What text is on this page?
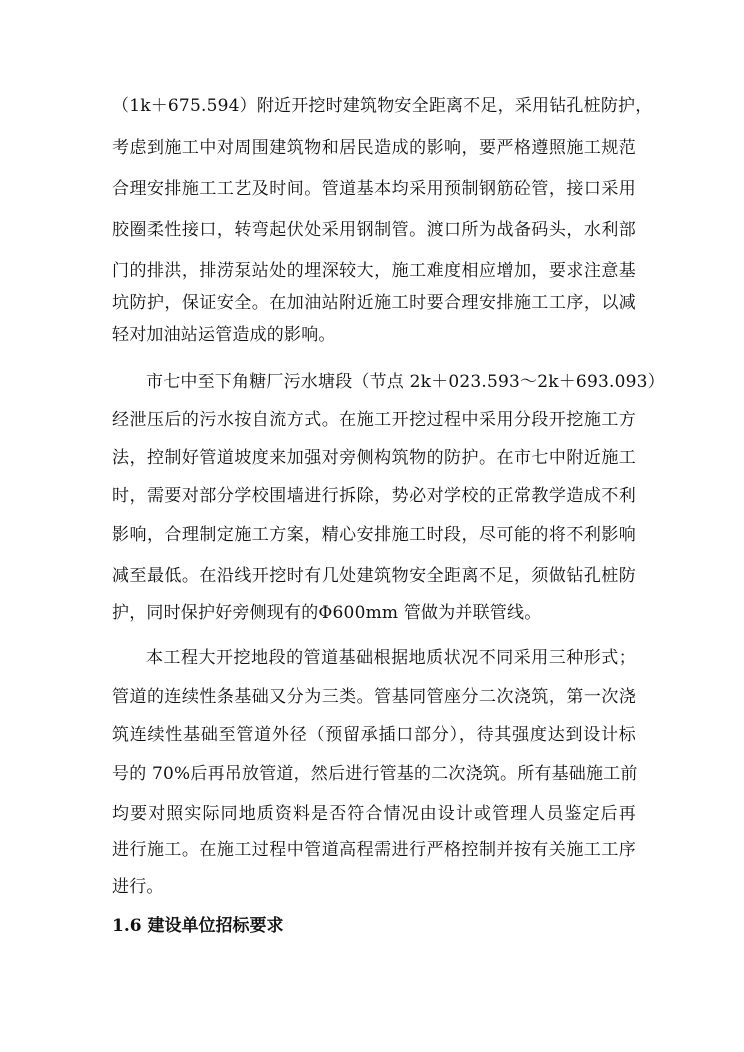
（1k＋675.594）附近开挖时建筑物安全距离不足，采用钻孔桩防护，
考虑到施工中对周围建筑物和居民造成的影响，要严格遵照施工规范
合理安排施工工艺及时间。管道基本均采用预制钢筋砼管，接口采用
胶圈柔性接口，转弯起伏处采用钢制管。渡口所为战备码头，水利部
门的排洪，排涝泵站处的埋深较大，施工难度相应增加，要求注意基
坑防护，保证安全。在加油站附近施工时要合理安排施工工序，以减
轻对加油站运管造成的影响。
市七中至下角糖厂污水塘段（节点 2k＋023.593～2k＋693.093）
经泄压后的污水按自流方式。在施工开挖过程中采用分段开挖施工方
法，控制好管道坡度来加强对旁侧构筑物的防护。在市七中附近施工
时，需要对部分学校围墙进行拆除，势必对学校的正常教学造成不利
影响，合理制定施工方案，精心安排施工时段，尽可能的将不利影响
减至最低。在沿线开挖时有几处建筑物安全距离不足，须做钻孔桩防
护，同时保护好旁侧现有的Φ600mm 管做为并联管线。
本工程大开挖地段的管道基础根据地质状况不同采用三种形式；
管道的连续性条基础又分为三类。管基同管座分二次浇筑，第一次浇
筑连续性基础至管道外径（预留承插口部分），待其强度达到设计标
号的 70%后再吊放管道，然后进行管基的二次浇筑。所有基础施工前
均要对照实际同地质资料是否符合情况由设计或管理人员鉴定后再
进行施工。在施工过程中管道高程需进行严格控制并按有关施工工序
进行。
1.6 建设单位招标要求
